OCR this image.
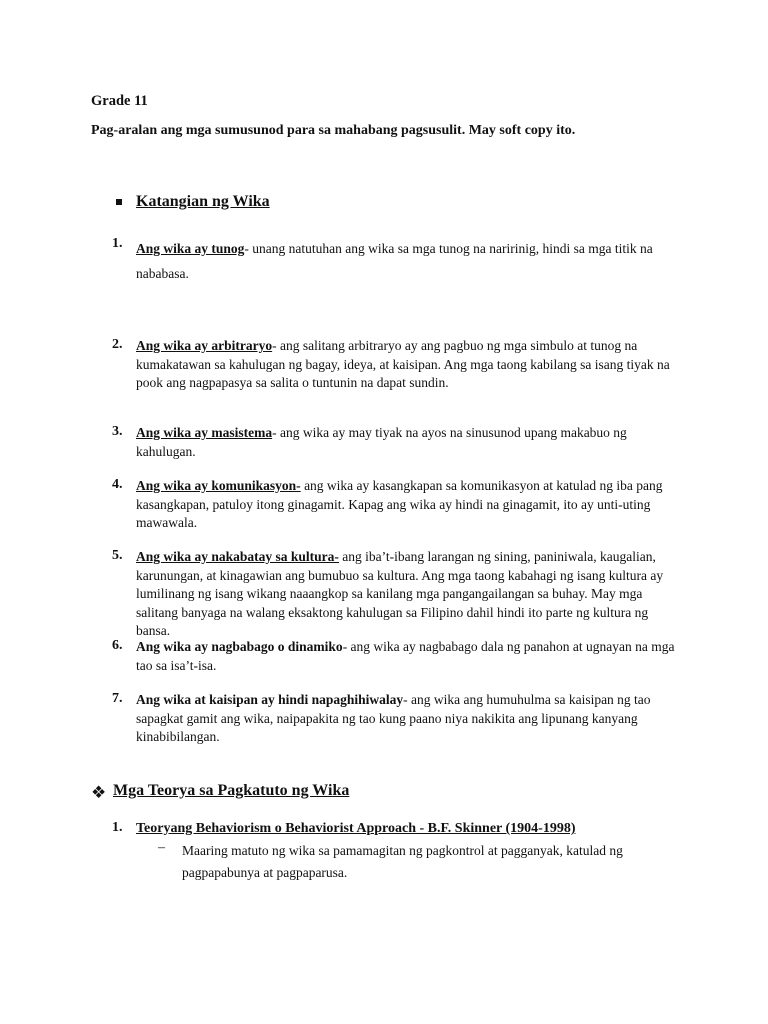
Grade 11
Pag-aralan ang mga sumusunod para sa mahabang pagsusulit. May soft copy ito.
Katangian ng Wika
1.	Ang wika ay tunog- unang natutuhan ang wika sa mga tunog na naririnig, hindi sa mga titik na nababasa.
2.	Ang wika ay arbitraryo- ang salitang arbitraryo ay ang pagbuo ng mga simbulo at tunog na kumakatawan sa kahulugan ng bagay, ideya, at kaisipan. Ang mga taong kabilang sa isang tiyak na pook ang nagpapasya sa salita o tuntunin na dapat sundin.
3.	Ang wika ay masistema- ang wika ay may tiyak na ayos na sinusunod upang makabuo ng kahulugan.
4.	Ang wika ay komunikasyon- ang wika ay kasangkapan sa komunikasyon at katulad ng iba pang kasangkapan, patuloy itong ginagamit. Kapag ang wika ay hindi na ginagamit, ito ay unti-uting mawawala.
5.	Ang wika ay nakabatay sa kultura- ang iba’t-ibang larangan ng sining, paniniwala, kaugalian, karunungan, at kinagawian ang bumubuo sa kultura. Ang mga taong kabahagi ng isang kultura ay lumilinang ng isang wikang naaangkop sa kanilang mga pangangailangan sa buhay. May mga salitang banyaga na walang eksaktong kahulugan sa Filipino dahil hindi ito parte ng kultura ng bansa.
6.	Ang wika ay nagbabago o dinamiko- ang wika ay nagbabago dala ng panahon at ugnayan na mga tao sa isa’t-isa.
7.	Ang wika at kaisipan ay hindi napaghihiwalay- ang wika ang humuhulma sa kaisipan ng tao sapagkat gamit ang wika, naipapakita ng tao kung paano niya nakikita ang lipunang kanyang kinabibilangan.
❖ Mga Teorya sa Pagkatuto ng Wika
1. Teoryang Behaviorism o Behaviorist Approach - B.F. Skinner (1904-1998)
– Maaring matuto ng wika sa pamamagitan ng pagkontrol at pagganyak, katulad ng pagpapabunya at pagpaparusa.
